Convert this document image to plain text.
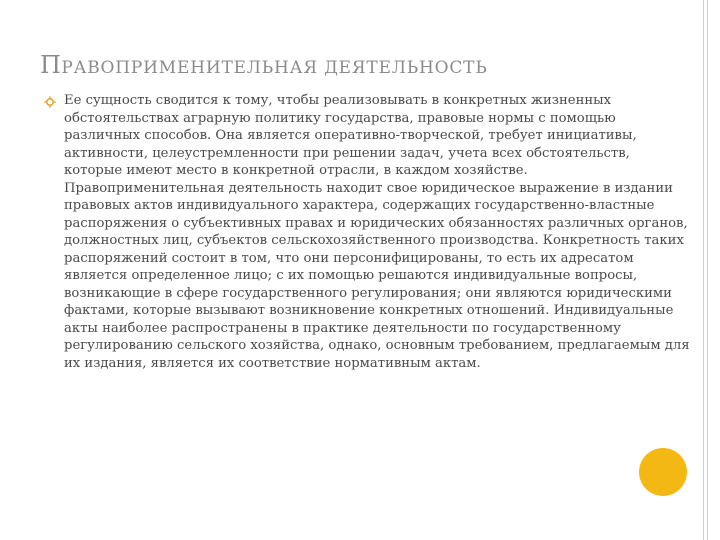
ПРАВОПРИМЕНИТЕЛЬНАЯ ДЕЯТЕЛЬНОСТЬ

Ее сущность сводится к тому, чтобы реализовывать в конкретных жизненных обстоятельствах аграрную политику государства, правовые нормы с помощью различных способов. Она является оперативно-творческой, требует инициативы, активности, целеустремленности при решении задач, учета всех обстоятельств, которые имеют место в конкретной отрасли, в каждом хозяйстве. Правоприменительная деятельность находит свое юридическое выражение в издании правовых актов индивидуального характера, содержащих государственно-властные распоряжения о субъективных правах и юридических обязанностях различных органов, должностных лиц, субъектов сельскохозяйственного производства. Конкретность таких распоряжений состоит в том, что они персонифицированы, то есть их адресатом является определенное лицо; с их помощью решаются индивидуальные вопросы, возникающие в сфере государственного регулирования; они являются юридическими фактами, которые вызывают возникновение конкретных отношений. Индивидуальные акты наиболее распространены в практике деятельности по государственному регулированию сельского хозяйства, однако, основным требованием, предлагаемым для их издания, является их соответствие нормативным актам.
